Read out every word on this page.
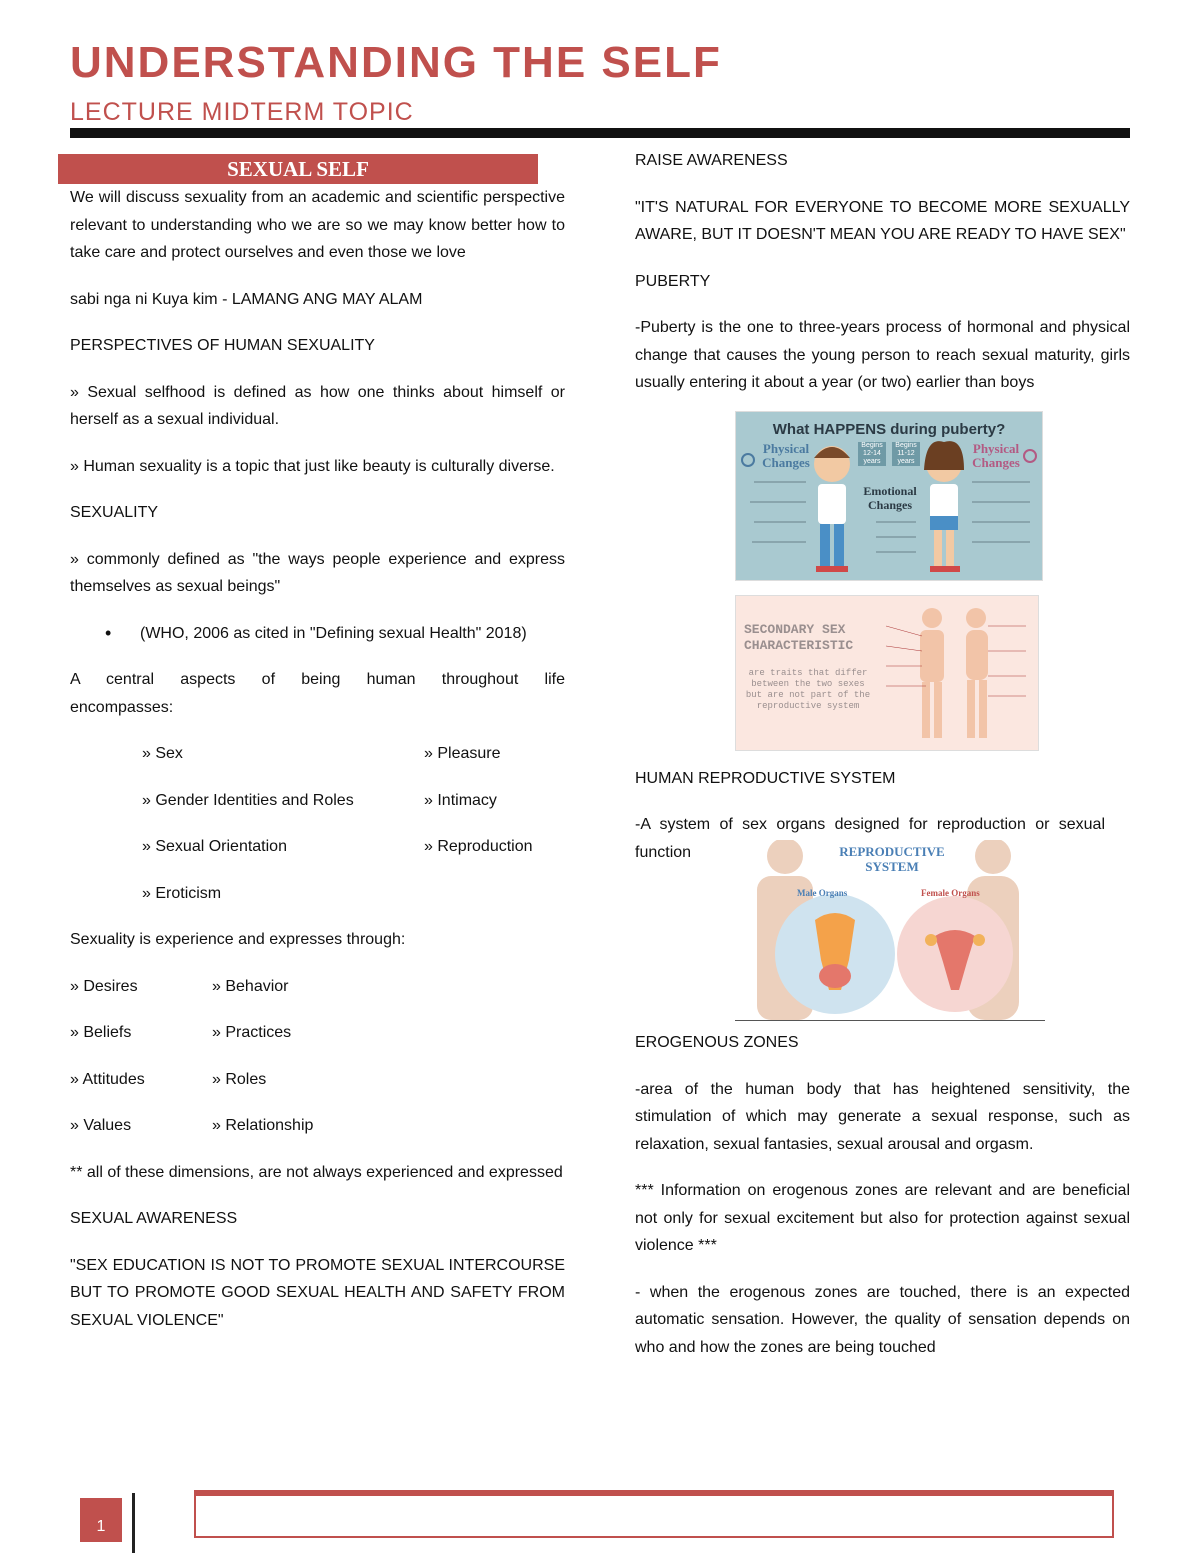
UNDERSTANDING THE SELF
LECTURE MIDTERM TOPIC
SEXUAL SELF

We will discuss sexuality from an academic and scientific perspective relevant to understanding who we are so we may know better how to take care and protect ourselves and even those we love

sabi nga ni Kuya kim - LAMANG ANG MAY ALAM

PERSPECTIVES OF HUMAN SEXUALITY

» Sexual selfhood is defined as how one thinks about himself or herself as a sexual individual.

» Human sexuality is a topic that just like beauty is culturally diverse.

SEXUALITY

» commonly defined as "the ways people experience and express themselves as sexual beings"

•	(WHO, 2006 as cited in "Defining sexual Health" 2018)

A central aspects of being human throughout life encompasses:

» Sex	» Pleasure
» Gender Identities and Roles	» Intimacy
» Sexual Orientation	» Reproduction
» Eroticism

Sexuality is experience and expresses through:

» Desires	» Behavior
» Beliefs	» Practices
» Attitudes	» Roles
» Values	» Relationship

** all of these dimensions, are not always experienced and expressed

SEXUAL AWARENESS

"SEX EDUCATION IS NOT TO PROMOTE SEXUAL INTERCOURSE BUT TO PROMOTE GOOD SEXUAL HEALTH AND SAFETY FROM SEXUAL VIOLENCE"

RAISE AWARENESS

"IT'S NATURAL FOR EVERYONE TO BECOME MORE SEXUALLY AWARE, BUT IT DOESN'T MEAN YOU ARE READY TO HAVE SEX"

PUBERTY

-Puberty is the one to three-years process of hormonal and physical change that causes the young person to reach sexual maturity, girls usually entering it about a year (or two) earlier than boys

What HAPPENS during puberty?
Physical Changes
Physical Changes
Emotional Changes
Begins 12-14 years
Begins 11-12 years
SECONDARY SEX CHARACTERISTIC
are traits that differ between the two sexes but are not part of the reproductive system

HUMAN REPRODUCTIVE SYSTEM

-A system of sex organs designed for reproduction or sexual function	REPRODUCTIVE SYSTEM
Male Organs	Female Organs

EROGENOUS ZONES

-area of the human body that has heightened sensitivity, the stimulation of which may generate a sexual response, such as relaxation, sexual fantasies, sexual arousal and orgasm.

*** Information on erogenous zones are relevant and are beneficial not only for sexual excitement but also for protection against sexual violence ***

- when the erogenous zones are touched, there is an expected automatic sensation. However, the quality of sensation depends on who and how the zones are being touched

1
